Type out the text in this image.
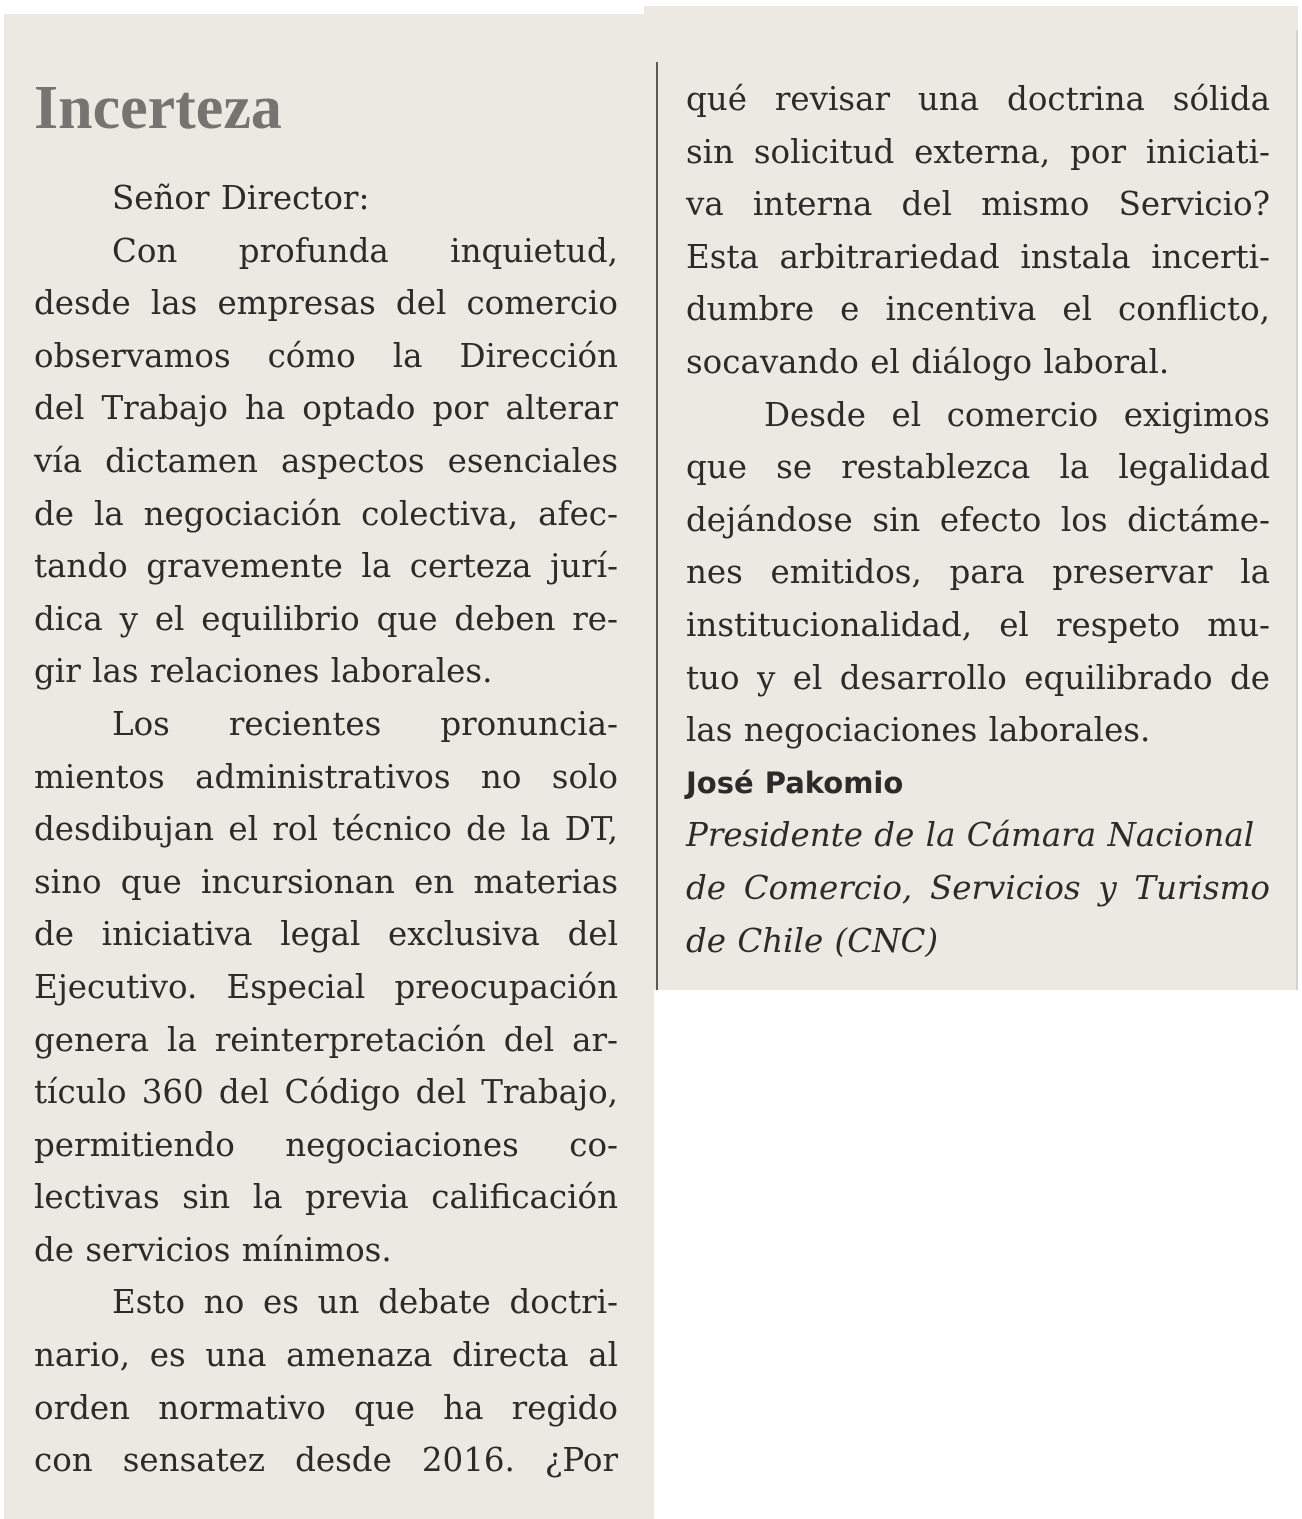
Incerteza
Señor Director:
Con profunda inquietud,
desde las empresas del comercio
observamos cómo la Dirección
del Trabajo ha optado por alterar
vía dictamen aspectos esenciales
de la negociación colectiva, afec-
tando gravemente la certeza jurí-
dica y el equilibrio que deben re-
gir las relaciones laborales.
Los recientes pronuncia-
mientos administrativos no solo
desdibujan el rol técnico de la DT,
sino que incursionan en materias
de iniciativa legal exclusiva del
Ejecutivo. Especial preocupación
genera la reinterpretación del ar-
tículo 360 del Código del Trabajo,
permitiendo negociaciones co-
lectivas sin la previa calificación
de servicios mínimos.
Esto no es un debate doctri-
nario, es una amenaza directa al
orden normativo que ha regido
con sensatez desde 2016. ¿Por
qué revisar una doctrina sólida
sin solicitud externa, por iniciati-
va interna del mismo Servicio?
Esta arbitrariedad instala incerti-
dumbre e incentiva el conflicto,
socavando el diálogo laboral.
Desde el comercio exigimos
que se restablezca la legalidad
dejándose sin efecto los dictáme-
nes emitidos, para preservar la
institucionalidad, el respeto mu-
tuo y el desarrollo equilibrado de
las negociaciones laborales.
José Pakomio
Presidente de la Cámara Nacional
de Comercio, Servicios y Turismo
de Chile (CNC)
